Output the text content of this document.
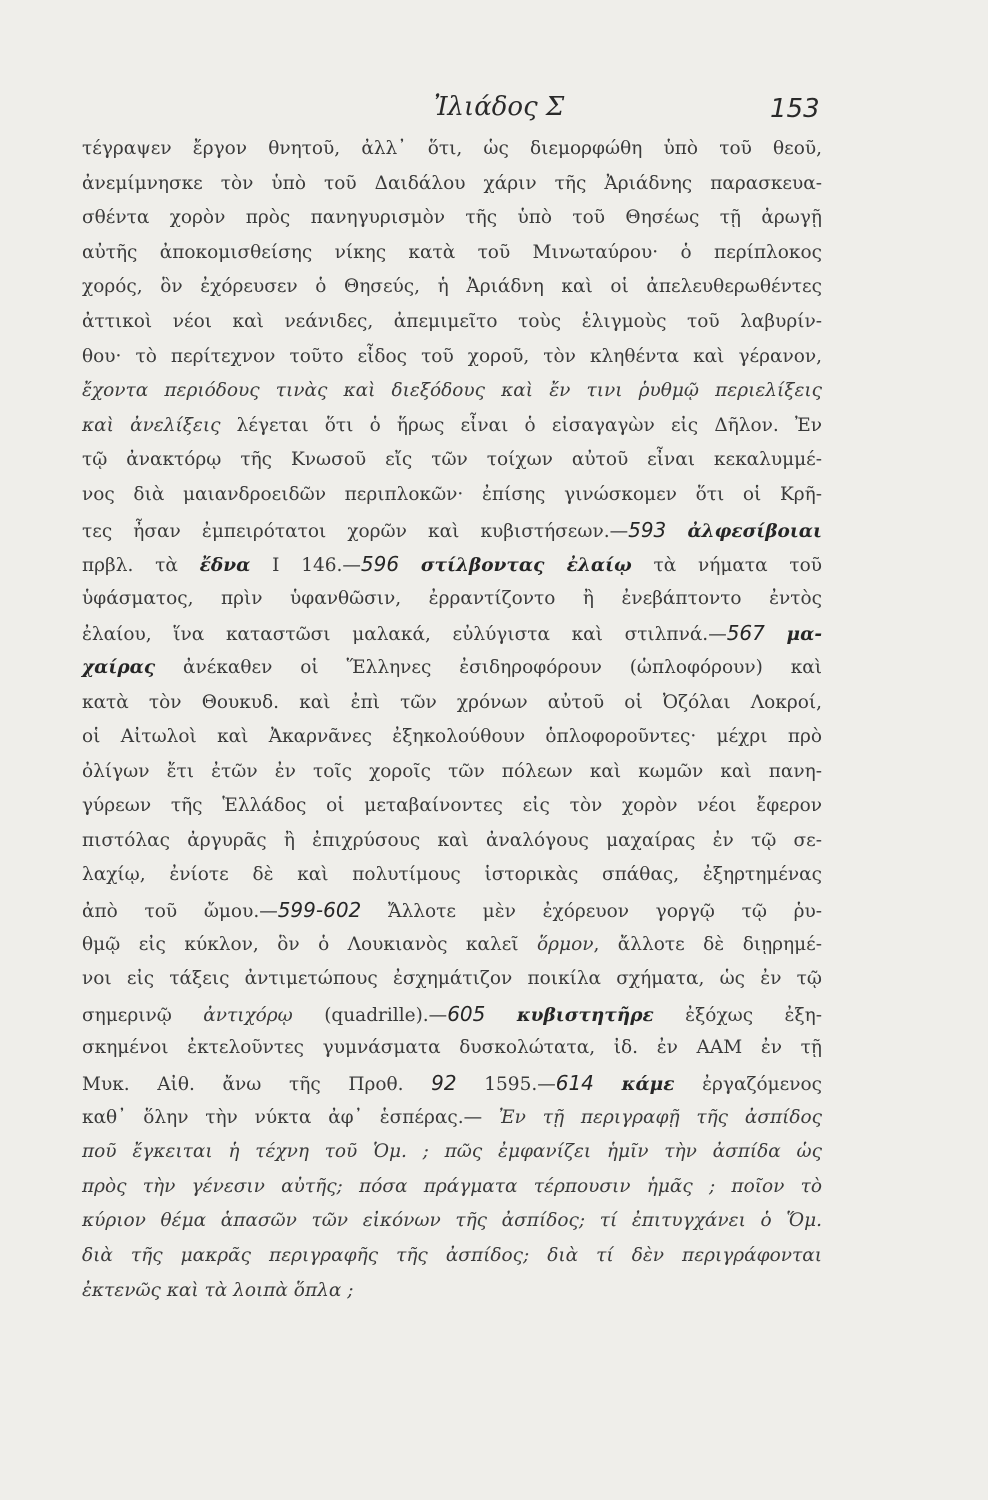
Ἰλιάδος Σ	153
τέγραψεν ἔργον θνητοῦ, ἀλλ᾽ ὅτι, ὡς διεμορφώθη ὑπὸ τοῦ θεοῦ,
ἀνεμίμνησκε τὸν ὑπὸ τοῦ Δαιδάλου χάριν τῆς Ἀριάδνης παρασκευα-
σθέντα χορὸν πρὸς πανηγυρισμὸν τῆς ὑπὸ τοῦ Θησέως τῇ ἀρωγῇ
αὐτῆς ἀποκομισθείσης νίκης κατὰ τοῦ Μινωταύρου· ὁ περίπλοκος
χορός, ὃν ἐχόρευσεν ὁ Θησεύς, ἡ Ἀριάδνη καὶ οἱ ἀπελευθερωθέντες
ἀττικοὶ νέοι καὶ νεάνιδες, ἀπεμιμεῖτο τοὺς ἑλιγμοὺς τοῦ λαβυρίν-
θου· τὸ περίτεχνον τοῦτο εἶδος τοῦ χοροῦ, τὸν κληθέντα καὶ γέρανον,
ἔχοντα περιόδους τινὰς καὶ διεξόδους καὶ ἔν τινι ῥυθμῷ περιελίξεις
καὶ ἀνελίξεις λέγεται ὅτι ὁ ἥρως εἶναι ὁ εἰσαγαγὼν εἰς Δῆλον. Ἐν
τῷ ἀνακτόρῳ τῆς Κνωσοῦ εἴς τῶν τοίχων αὐτοῦ εἶναι κεκαλυμμέ-
νος διὰ μαιανδροειδῶν περιπλοκῶν· ἐπίσης γινώσκομεν ὅτι οἱ Κρῆ-
τες ἦσαν ἐμπειρότατοι χορῶν καὶ κυβιστήσεων.—593 ἀλφεσίβοιαι
πρβλ. τὰ ἔδνα Ι 146.—596 στίλβοντας ἐλαίῳ τὰ νήματα τοῦ
ὑφάσματος, πρὶν ὑφανθῶσιν, ἐρραντίζοντο ἢ ἐνεβάπτοντο ἐντὸς
ἐλαίου, ἵνα καταστῶσι μαλακά, εὐλύγιστα καὶ στιλπνά.—567 μα-
χαίρας ἀνέκαθεν οἱ Ἕλληνες ἐσιδηροφόρουν (ὡπλοφόρουν) καὶ
κατὰ τὸν Θουκυδ. καὶ ἐπὶ τῶν χρόνων αὐτοῦ οἱ Ὀζόλαι Λοκροί,
οἱ Αἰτωλοὶ καὶ Ἀκαρνᾶνες ἐξηκολούθουν ὁπλοφοροῦντες· μέχρι πρὸ
ὀλίγων ἔτι ἐτῶν ἐν τοῖς χοροῖς τῶν πόλεων καὶ κωμῶν καὶ πανη-
γύρεων τῆς Ἑλλάδος οἱ μεταβαίνοντες εἰς τὸν χορὸν νέοι ἔφερον
πιστόλας ἀργυρᾶς ἢ ἐπιχρύσους καὶ ἀναλόγους μαχαίρας ἐν τῷ σε-
λαχίῳ, ἐνίοτε δὲ καὶ πολυτίμους ἱστορικὰς σπάθας, ἐξηρτημένας
ἀπὸ τοῦ ὤμου.—599-602 Ἄλλοτε μὲν ἐχόρευον γοργῷ τῷ ῥυ-
θμῷ εἰς κύκλον, ὃν ὁ Λουκιανὸς καλεῖ ὅρμον, ἄλλοτε δὲ διῃρημέ-
νοι εἰς τάξεις ἀντιμετώπους ἐσχημάτιζον ποικίλα σχήματα, ὡς ἐν τῷ
σημερινῷ ἀντιχόρῳ (quadrille).—605 κυβιστητῆρε ἐξόχως ἐξη-
σκημένοι ἐκτελοῦντες γυμνάσματα δυσκολώτατα, ἰδ. ἐν ΑΑΜ ἐν τῇ
Μυκ. Αἰθ. ἄνω τῆς Προθ. 92 1595.—614 κάμε ἐργαζόμενος
καθ᾽ ὅλην τὴν νύκτα ἀφ᾽ ἑσπέρας.— Ἐν τῇ περιγραφῇ τῆς ἀσπίδος
ποῦ ἔγκειται ἡ τέχνη τοῦ Ὁμ. ; πῶς ἐμφανίζει ἡμῖν τὴν ἀσπίδα ὡς
πρὸς τὴν γένεσιν αὐτῆς; πόσα πράγματα τέρπουσιν ἡμᾶς ; ποῖον τὸ
κύριον θέμα ἁπασῶν τῶν εἰκόνων τῆς ἀσπίδος; τί ἐπιτυγχάνει ὁ Ὅμ.
διὰ τῆς μακρᾶς περιγραφῆς τῆς ἀσπίδος; διὰ τί δὲν περιγράφονται
ἐκτενῶς καὶ τὰ λοιπὰ ὅπλα ;
